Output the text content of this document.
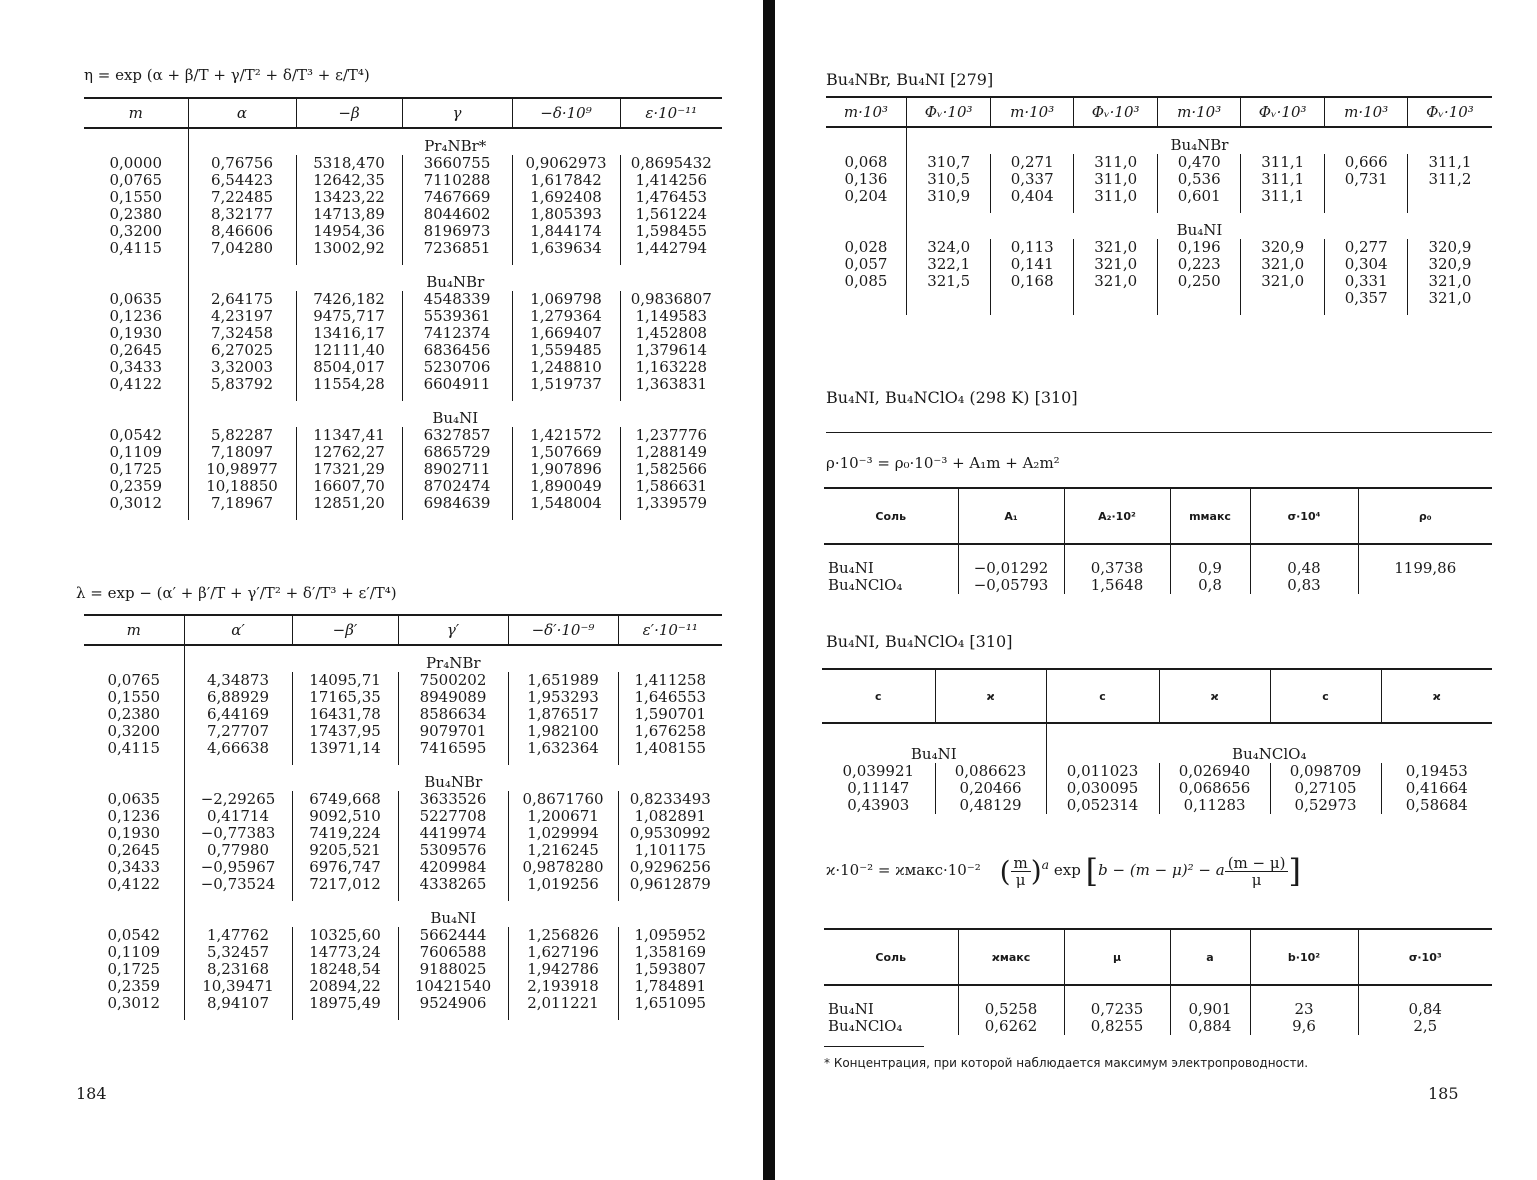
η = exp (α + β/T + γ/T² + δ/T³ + ε/T⁴)
m	α	−β	γ	−δ·10⁹	ε·10⁻¹¹
	Pr₄NBr*				
0,0000	0,76756	5318,470	3660755	0,9062973	0,8695432
0,0765	6,54423	12642,35	7110288	1,617842	1,414256
0,1550	7,22485	13423,22	7467669	1,692408	1,476453
0,2380	8,32177	14713,89	8044602	1,805393	1,561224
0,3200	8,46606	14954,36	8196973	1,844174	1,598455
0,4115	7,04280	13002,92	7236851	1,639634	1,442794

	Bu₄NBr				
0,0635	2,64175	7426,182	4548339	1,069798	0,9836807
0,1236	4,23197	9475,717	5539361	1,279364	1,149583
0,1930	7,32458	13416,17	7412374	1,669407	1,452808
0,2645	6,27025	12111,40	6836456	1,559485	1,379614
0,3433	3,32003	8504,017	5230706	1,248810	1,163228
0,4122	5,83792	11554,28	6604911	1,519737	1,363831

	Bu₄NI				
0,0542	5,82287	11347,41	6327857	1,421572	1,237776
0,1109	7,18097	12762,27	6865729	1,507669	1,288149
0,1725	10,98977	17321,29	8902711	1,907896	1,582566
0,2359	10,18850	16607,70	8702474	1,890049	1,586631
0,3012	7,18967	12851,20	6984639	1,548004	1,339579

λ = exp − (α′ + β′/T + γ′/T² + δ′/T³ + ε′/T⁴)
m	α′	−β′	γ′	−δ′·10⁻⁹	ε′·10⁻¹¹
	Pr₄NBr				
0,0765	4,34873	14095,71	7500202	1,651989	1,411258
0,1550	6,88929	17165,35	8949089	1,953293	1,646553
0,2380	6,44169	16431,78	8586634	1,876517	1,590701
0,3200	7,27707	17437,95	9079701	1,982100	1,676258
0,4115	4,66638	13971,14	7416595	1,632364	1,408155

	Bu₄NBr				
0,0635	−2,29265	6749,668	3633526	0,8671760	0,8233493
0,1236	0,41714	9092,510	5227708	1,200671	1,082891
0,1930	−0,77383	7419,224	4419974	1,029994	0,9530992
0,2645	0,77980	9205,521	5309576	1,216245	1,101175
0,3433	−0,95967	6976,747	4209984	0,9878280	0,9296256
0,4122	−0,73524	7217,012	4338265	1,019256	0,9612879

	Bu₄NI				
0,0542	1,47762	10325,60	5662444	1,256826	1,095952
0,1109	5,32457	14773,24	7606588	1,627196	1,358169
0,1725	8,23168	18248,54	9188025	1,942786	1,593807
0,2359	10,39471	20894,22	10421540	2,193918	1,784891
0,3012	8,94107	18975,49	9524906	2,011221	1,651095

184
Bu₄NBr, Bu₄NI [279]
m·10³	Φᵥ·10³	m·10³	Φᵥ·10³	m·10³	Φᵥ·10³	m·10³	Φᵥ·10³
	Bu₄NBr						
0,068	310,7	0,271	311,0	0,470	311,1	0,666	311,1
0,136	310,5	0,337	311,0	0,536	311,1	0,731	311,2
0,204	310,9	0,404	311,0	0,601	311,1		

	Bu₄NI						
0,028	324,0	0,113	321,0	0,196	320,9	0,277	320,9
0,057	322,1	0,141	321,0	0,223	321,0	0,304	320,9
0,085	321,5	0,168	321,0	0,250	321,0	0,331	321,0
						0,357	321,0

Bu₄NI, Bu₄NClO₄ (298 K) [310]
ρ·10⁻³ = ρ₀·10⁻³ + A₁m + A₂m²
Соль	A₁	A₂·10²	mмакс	σ·10⁴	ρ₀

Bu₄NI	−0,01292	0,3738	0,9	0,48	1199,86
Bu₄NClO₄	−0,05793	1,5648	0,8	0,83	
Bu₄NI, Bu₄NClO₄ [310]
c	ϰ	c	ϰ	c	ϰ
Bu₄NI		Bu₄NClO₄			
0,039921	0,086623	0,011023	0,026940	0,098709	0,19453
0,11147	0,20466	0,030095	0,068656	0,27105	0,41664
0,43903	0,48129	0,052314	0,11283	0,52973	0,58684
ϰ·10⁻² = ϰмакс·10⁻² ( $\frac{m}{\mu} )^a$ exp [b − (m − μ)² − a $\frac{(m - \mu)}{\mu}$ ]
Соль	ϰмакс	μ	a	b·10²	σ·10³

Bu₄NI	0,5258	0,7235	0,901	23	0,84
Bu₄NClO₄	0,6262	0,8255	0,884	9,6	2,5
* Концентрация, при которой наблюдается максимум электропроводности.
185
